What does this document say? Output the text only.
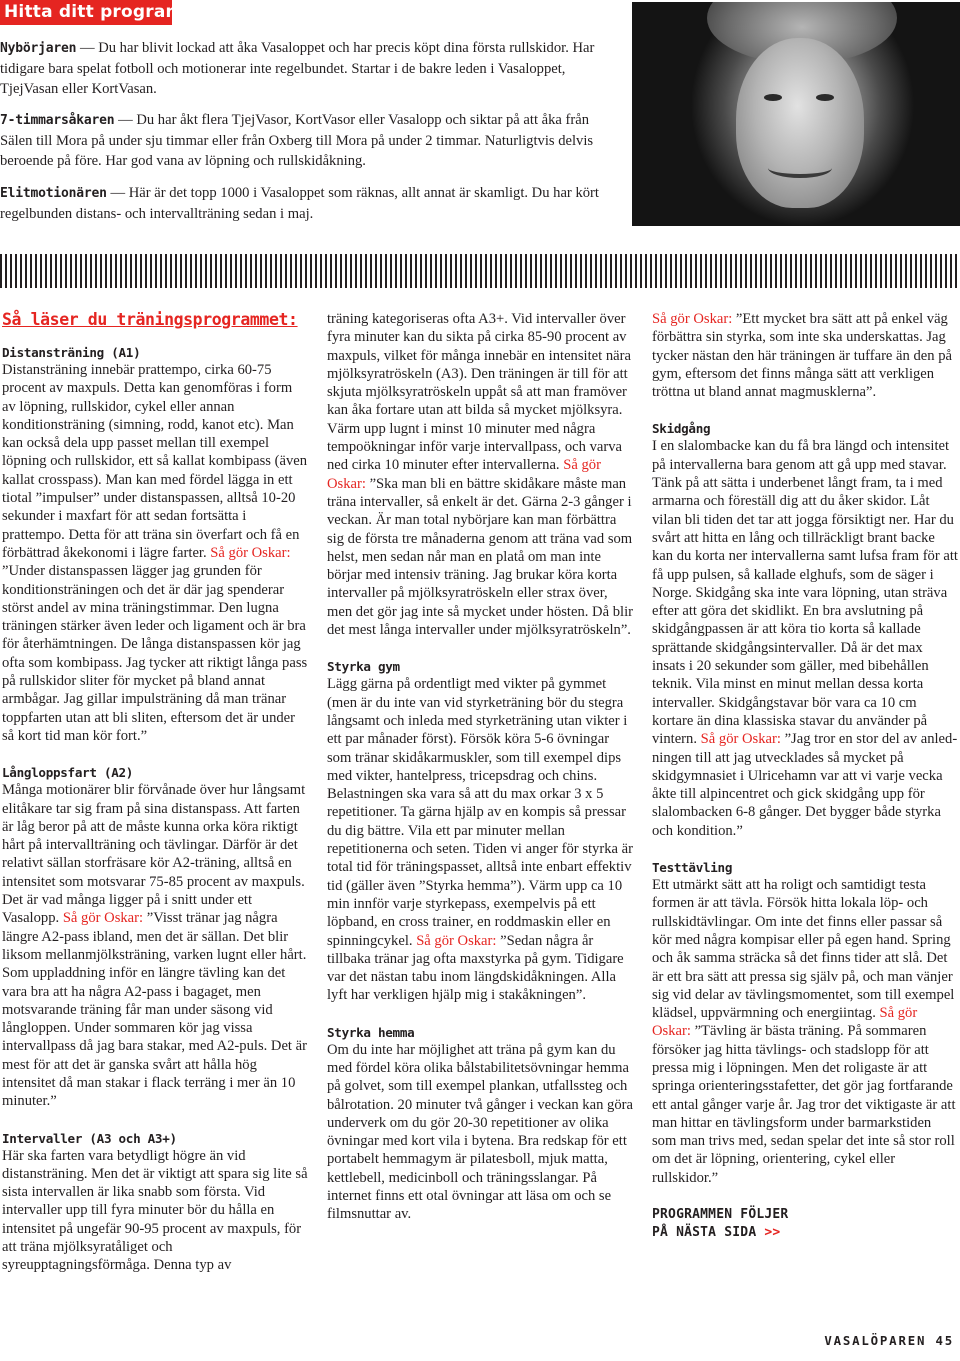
Hitta ditt program
Nybörjaren — Du har blivit lockad att åka Vasaloppet och har precis köpt dina första rullskidor. Har tidigare bara spelat fotboll och motionerar inte regelbundet. Startar i de bakre leden i Vasaloppet, TjejVasan eller KortVasan.
7-timmarsåkaren — Du har åkt flera TjejVasor, KortVasor eller Vasalopp och siktar på att åka från Sälen till Mora på under sju timmar eller från Oxberg till Mora på under 2 timmar. Naturligtvis delvis beroende på före. Har god vana av löpning och rullskidåkning.
Elitmotionären — Här är det topp 1000 i Vasaloppet som räknas, allt annat är skamligt. Du har kört regelbunden distans- och intervallträning sedan i maj.
Så läser du träningsprogrammet:
Distansträning (A1)

Distansträning innebär prattempo, cirka 60-75 procent av maxpuls. Detta kan genomföras i form av löpning, rullskidor, cykel eller annan konditionsträning (simning, rodd, kanot etc). Man kan också dela upp passet mellan till exempel löpning och rullskidor, ett så kallat kombipass (även kallat crosspass). Man kan med fördel lägga in ett tiotal ”impulser” under distanspassen, alltså 10-20 sekunder i maxfart för att sedan fortsätta i prattempo. Detta för att träna sin överfart och få en förbättrad åkekonomi i lägre farter. Så gör Oskar: ”Under distanspassen lägger jag grunden för konditionsträningen och det är där jag spenderar störst andel av mina träningstimmar. Den lugna träningen stärker även leder och ligament och är bra för återhämtningen. De långa distanspassen kör jag ofta som kombipass. Jag tycker att riktigt långa pass på rullskidor sliter för mycket på bland annat armbågar. Jag gillar impulsträning då man tränar toppfarten utan att bli sliten, eftersom det är under så kort tid man kör fort.”

Långloppsfart (A2)

Många motionärer blir förvånade över hur långsamt elitåkare tar sig fram på sina distanspass. Att farten är låg beror på att de måste kunna orka köra riktigt hårt på intervallträning och tävlingar. Därför är det relativt sällan storfräsare kör A2-träning, alltså en intensitet som motsvarar 75-85 procent av maxpuls. Det är vad många ligger på i snitt under ett Vasalopp. Så gör Oskar: ”Visst tränar jag några längre A2-pass ibland, men det är sällan. Det blir liksom mellanmjölksträning, varken lugnt eller hårt. Som uppladdning inför en längre tävling kan det vara bra att ha några A2-pass i bagaget, men motsvarande träning får man under säsong vid långloppen. Under sommaren kör jag vissa intervallpass då jag bara stakar, med A2-puls. Det är mest för att det är ganska svårt att hålla hög intensitet då man stakar i flack terräng i mer än 10 minuter.”

Intervaller (A3 och A3+)

Här ska farten vara betydligt högre än vid distansträning. Men det är viktigt att spara sig lite så sista intervallen är lika snabb som första. Vid intervaller upp till fyra minuter bör du hålla en intensitet på ungefär 90-95 procent av maxpuls, för att träna mjölksyratåliget och syreupptagningsförmåga. Denna typ av

träning kategoriseras ofta A3+. Vid intervaller över fyra minuter kan du sikta på cirka 85-90 procent av maxpuls, vilket för många innebär en intensitet nära mjölksyratröskeln (A3). Den träningen är till för att skjuta mjölksyratröskeln uppåt så att man framöver kan åka fortare utan att bilda så mycket mjölksyra. Värm upp lugnt i minst 10 minuter med några tempoökningar inför varje intervallpass, och varva ned cirka 10 minuter efter intervallerna. Så gör Oskar: ”Ska man bli en bättre skidåkare måste man träna intervaller, så enkelt är det. Gärna 2-3 gånger i veckan. Är man total nybörjare kan man förbättra sig de första tre månaderna genom att träna vad som helst, men sedan når man en platå om man inte börjar med intensiv träning. Jag brukar köra korta intervaller på mjölksyratröskeln eller strax över, men det gör jag inte så mycket under hösten. Då blir det mest långa intervaller under mjölksyratröskeln”.

Styrka gym

Lägg gärna på ordentligt med vikter på gymmet (men är du inte van vid styrketräning bör du stegra långsamt och inleda med styrketräning utan vikter i ett par månader först). Försök köra 5-6 övningar som tränar skidåkarmuskler, som till exempel dips med vikter, hantelpress, tricepsdrag och chins. Belastningen ska vara så att du max orkar 3 x 5 repetitioner. Ta gärna hjälp av en kompis så pressar du dig bättre. Vila ett par minuter mellan repetitionerna och seten. Tiden vi anger för styrka är total tid för träningspasset, alltså inte enbart effektiv tid (gäller även ”Styrka hemma”). Värm upp ca 10 min innför varje styrkepass, exempelvis på ett löpband, en cross trainer, en roddmaskin eller en spinningcykel. Så gör Oskar: ”Sedan några år tillbaka tränar jag ofta maxstyrka på gym. Tidigare var det nästan tabu inom längdskidåkningen. Alla lyft har verkligen hjälp mig i stakåkningen”.

Styrka hemma

Om du inte har möjlighet att träna på gym kan du med fördel köra olika bålstabilitetsövningar hemma på golvet, som till exempel plankan, utfallssteg och bålrotation. 20 minuter två gånger i veckan kan göra underverk om du gör 20-30 repetitioner av olika övningar med kort vila i bytena. Bra redskap för ett portabelt hemmagym är pilatesboll, mjuk matta, kettlebell, medicinboll och träningsslangar. På internet finns ett otal övningar att läsa om och se filmsnuttar av.

Så gör Oskar: ”Ett mycket bra sätt att på enkel väg förbättra sin styrka, som inte ska underskattas. Jag tycker nästan den här träningen är tuffare än den på gym, eftersom det finns många sätt att verkligen tröttna ut bland annat magmusklerna”.

Skidgång

I en slalombacke kan du få bra längd och intensitet på intervallerna bara genom att gå upp med stavar. Tänk på att sätta i underbenet långt fram, ta i med armarna och föreställ dig att du åker skidor. Låt vilan bli tiden det tar att jogga försiktigt ner. Har du svårt att hitta en lång och tillräckligt brant backe kan du korta ner intervallerna samt lufsa fram för att få upp pulsen, så kallade elghufs, som de säger i Norge. Skidgång ska inte vara löpning, utan sträva efter att göra det skidlikt. En bra avslutning på skidgångpassen är att köra tio korta så kallade sprättande skidgångsintervaller. Då är det max insats i 20 sekunder som gäller, med bibehållen teknik. Vila minst en minut mellan dessa korta intervaller. Skidgångstavar bör vara ca 10 cm kortare än dina klassiska stavar du använder på vintern. Så gör Oskar: ”Jag tror en stor del av anledningen till att jag utvecklades så mycket på skidgymnasiet i Ulricehamn var att vi varje vecka åkte till alpincentret och gick skidgång upp för slalombacken 6-8 gånger. Det bygger både styrka och kondition.”

Testtävling

Ett utmärkt sätt att ha roligt och samtidigt testa formen är att tävla. Försök hitta lokala löp- och rullskidtävlingar. Om inte det finns eller passar så kör med några kompisar eller på egen hand. Spring och åk samma sträcka så det finns tider att slå. Det är ett bra sätt att pressa sig själv på, och man vänjer sig vid delar av tävlingsmomentet, som till exempel klädsel, uppvärmning och energiintag. Så gör Oskar: ”Tävling är bästa träning. På sommaren försöker jag hitta tävlings- och stadslopp för att pressa mig i löpningen. Men det roligaste är att springa orienteringsstafetter, det gör jag fortfarande ett antal gånger varje år. Jag tror det viktigaste är att man hittar en tävlingsform under barmarkstiden som man trivs med, sedan spelar det inte så stor roll om det är löpning, orientering, cykel eller rullskidor.”

PROGRAMMEN FÖLJER
PÅ NÄSTA SIDA >>
VASALÖPAREN 45
